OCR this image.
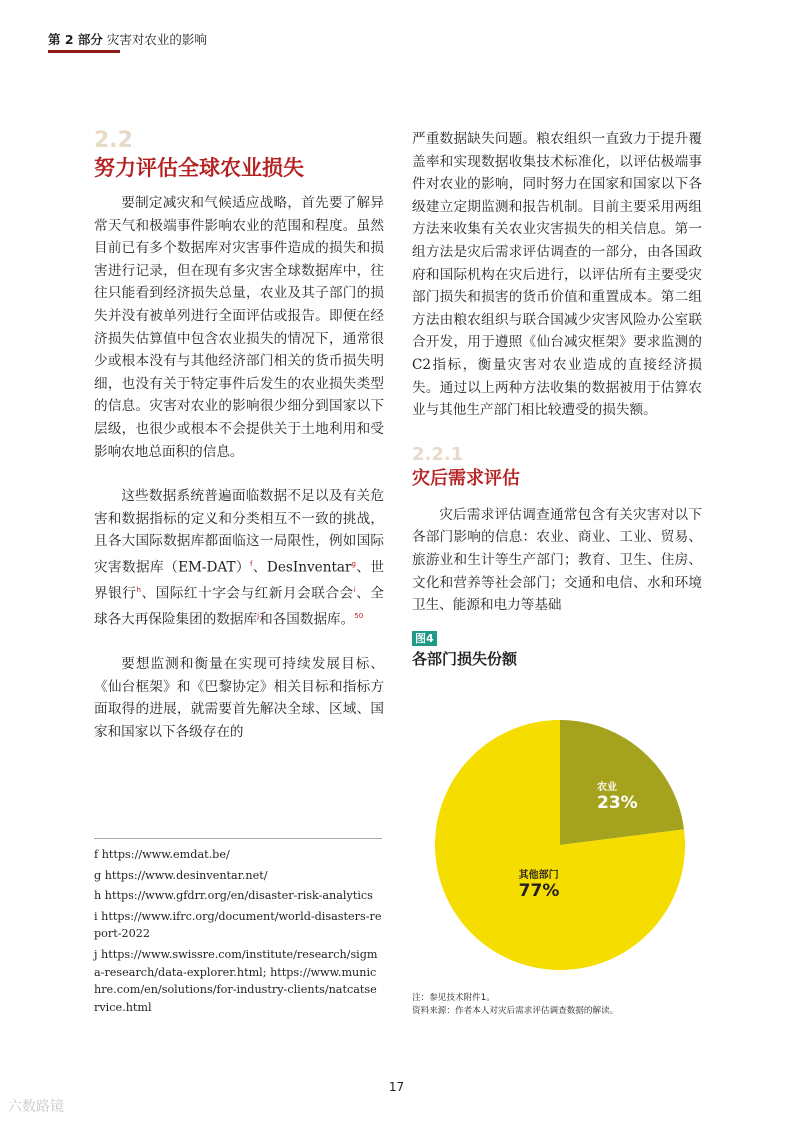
第 2 部分 灾害对农业的影响
2.2
努力评估全球农业损失

要制定减灾和气候适应战略，首先要了解异常天气和极端事件影响农业的范围和程度。虽然目前已有多个数据库对灾害事件造成的损失和损害进行记录，但在现有多灾害全球数据库中，往往只能看到经济损失总量，农业及其子部门的损失并没有被单列进行全面评估或报告。即便在经济损失估算值中包含农业损失的情况下，通常很少或根本没有与其他经济部门相关的货币损失明细，也没有关于特定事件后发生的农业损失类型的信息。灾害对农业的影响很少细分到国家以下层级，也很少或根本不会提供关于土地利用和受影响农地总面积的信息。

这些数据系统普遍面临数据不足以及有关危害和数据指标的定义和分类相互不一致的挑战，且各大国际数据库都面临这一局限性，例如国际灾害数据库$(EM-DAT)^f$、DesInventar$^g$、世界银行$^h$、国际红十字会与红新月会联合会$^i$、全球各大再保险集团的数据库$^j$和各国数据库。$^{50}$

要想监测和衡量在实现可持续发展目标、《仙台框架》和《巴黎协定》相关目标和指标方面取得的进展，就需要首先解决全球、区域、国家和国家以下各级存在的

f https://www.emdat.be/
g https://www.desinventar.net/
h https://www.gfdrr.org/en/disaster-risk-analytics
i https://www.ifrc.org/document/world-disasters-report-2022
j https://www.swissre.com/institute/research/sigma-research/data-explorer.html; https://www.munichre.com/en/solutions/for-industry-clients/natcatservice.html

严重数据缺失问题。粮农组织一直致力于提升覆盖率和实现数据收集技术标准化，以评估极端事件对农业的影响，同时努力在国家和国家以下各级建立定期监测和报告机制。目前主要采用两组方法来收集有关农业灾害损失的相关信息。第一组方法是灾后需求评估调查的一部分，由各国政府和国际机构在灾后进行，以评估所有主要受灾部门损失和损害的货币价值和重置成本。第二组方法由粮农组织与联合国减少灾害风险办公室联合开发，用于遵照《仙台减灾框架》要求监测的C2指标，衡量灾害对农业造成的直接经济损失。通过以上两种方法收集的数据被用于估算农业与其他生产部门相比较遭受的损失额。

2.2.1
灾后需求评估

灾后需求评估调查通常包含有关灾害对以下各部门影响的信息：农业、商业、工业、贸易、旅游业和生计等生产部门；教育、卫生、住房、文化和营养等社会部门；交通和电信、水和环境卫生、能源和电力等基础

图4
各部门损失份额
农业
23%
其他部门
77%
注：参见技术附件1。
资料来源：作者本人对灾后需求评估调查数据的解读。
17
六数路镜
